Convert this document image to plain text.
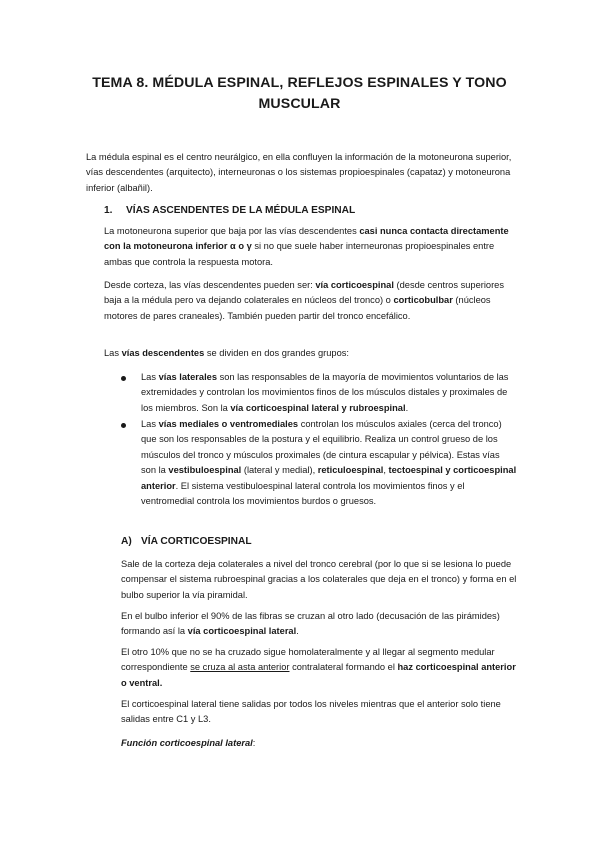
TEMA 8. MÉDULA ESPINAL, REFLEJOS ESPINALES Y TONO
MUSCULAR

La médula espinal es el centro neurálgico, en ella confluyen la información de la motoneurona superior, vías descendentes (arquitecto), interneuronas o los sistemas propioespinales (capataz) y motoneurona inferior (albañil).

1. VÍAS ASCENDENTES DE LA MÉDULA ESPINAL

La motoneurona superior que baja por las vías descendentes casi nunca contacta directamente con la motoneurona inferior α o γ si no que suele haber interneuronas propioespinales entre ambas que controla la respuesta motora.

Desde corteza, las vías descendentes pueden ser: vía corticoespinal (desde centros superiores baja a la médula pero va dejando colaterales en núcleos del tronco) o corticobulbar (núcleos motores de pares craneales). También pueden partir del tronco encefálico.

Las vías descendentes se dividen en dos grandes grupos:

Las vías laterales son las responsables de la mayoría de movimientos voluntarios de las extremidades y controlan los movimientos finos de los músculos distales y proximales de los miembros. Son la vía corticoespinal lateral y rubroespinal.

Las vías mediales o ventromediales controlan los músculos axiales (cerca del tronco) que son los responsables de la postura y el equilibrio. Realiza un control grueso de los músculos del tronco y músculos proximales (de cintura escapular y pélvica). Estas vías son la vestibuloespinal (lateral y medial), reticuloespinal, tectoespinal y corticoespinal anterior. El sistema vestibuloespinal lateral controla los movimientos finos y el ventromedial controla los movimientos burdos o gruesos.

A) VÍA CORTICOESPINAL

Sale de la corteza deja colaterales a nivel del tronco cerebral (por lo que si se lesiona lo puede compensar el sistema rubroespinal gracias a los colaterales que deja en el tronco) y forma en el bulbo superior la vía piramidal.

En el bulbo inferior el 90% de las fibras se cruzan al otro lado (decusación de las pirámides) formando así la vía corticoespinal lateral.

El otro 10% que no se ha cruzado sigue homolateralmente y al llegar al segmento medular correspondiente se cruza al asta anterior contralateral formando el haz corticoespinal anterior o ventral.

El corticoespinal lateral tiene salidas por todos los niveles mientras que el anterior solo tiene salidas entre C1 y L3.

Función corticoespinal lateral:
